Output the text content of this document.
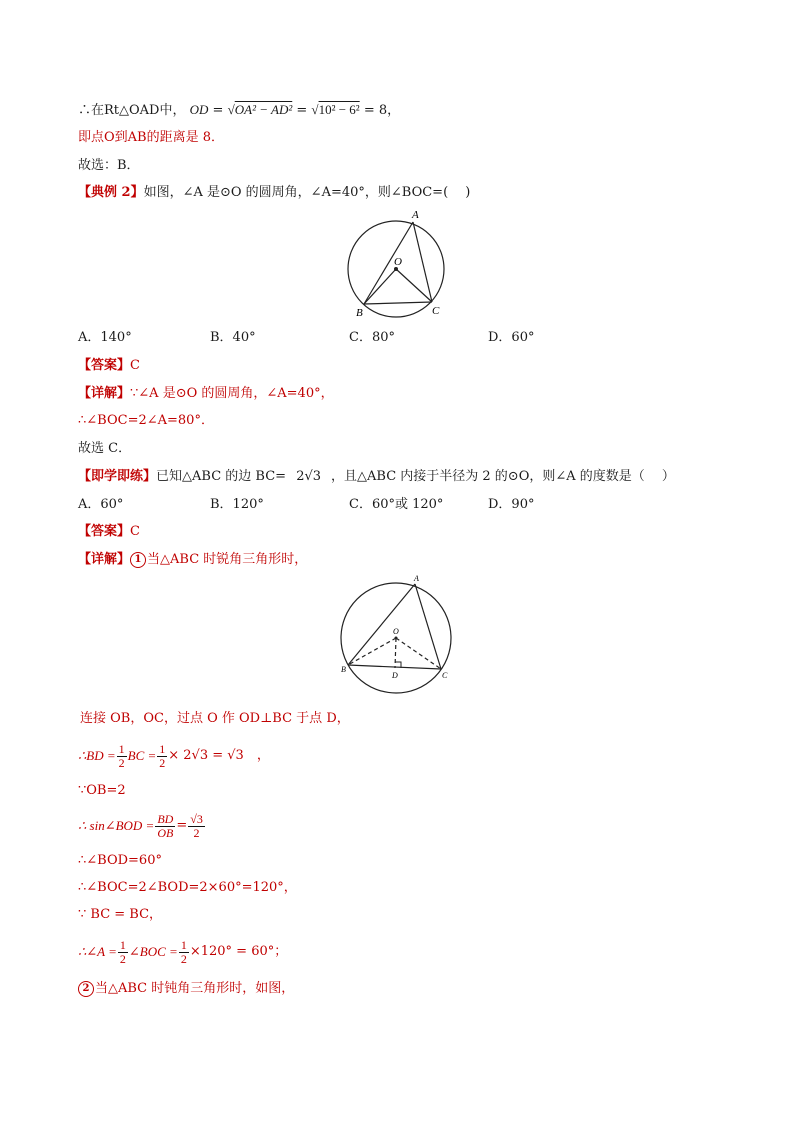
∴在Rt△OAD中， OD = √OA² − AD² = √10² − 6² = 8，
即点O到AB的距离是 8．
故选：B．
【典例 2】如图，∠A 是⊙O 的圆周角，∠A=40°，则∠BOC=(　 )
A
O
B	C
A．140°	B．40°	C．80°	D．60°
【答案】C
【详解】∵∠A 是⊙O 的圆周角，∠A=40°，
∴∠BOC=2∠A=80°．
故选 C．
【即学即练】已知△ABC 的边 BC= 2√3 ，且△ABC 内接于半径为 2 的⊙O，则∠A 的度数是（　 ）
A．60°	B．120°	C．60°或 120°	D．90°
【答案】C
【详解】 1 当△ABC 时锐角三角形时，
A
O
B
D	C
连接 OB，OC，过点 O 作 OD⊥BC 于点 D，
∴BD = $\frac{1}{2}$ BC = $\frac{1}{2} \times 2√3 = √3$　，
∵OB=2
∴ sin∠BOD = $\frac{BD}{OB} = \frac{√3}{2}$
∴∠BOD=60°
∴∠BOC=2∠BOD=2×60°=120°，
∵ BC = BC，
∴∠A = $\frac{1}{2}$ ∠BOC = $\frac{1}{2} \times 120^\circ = 60^\circ$；
2 当△ABC 时钝角三角形时，如图，
